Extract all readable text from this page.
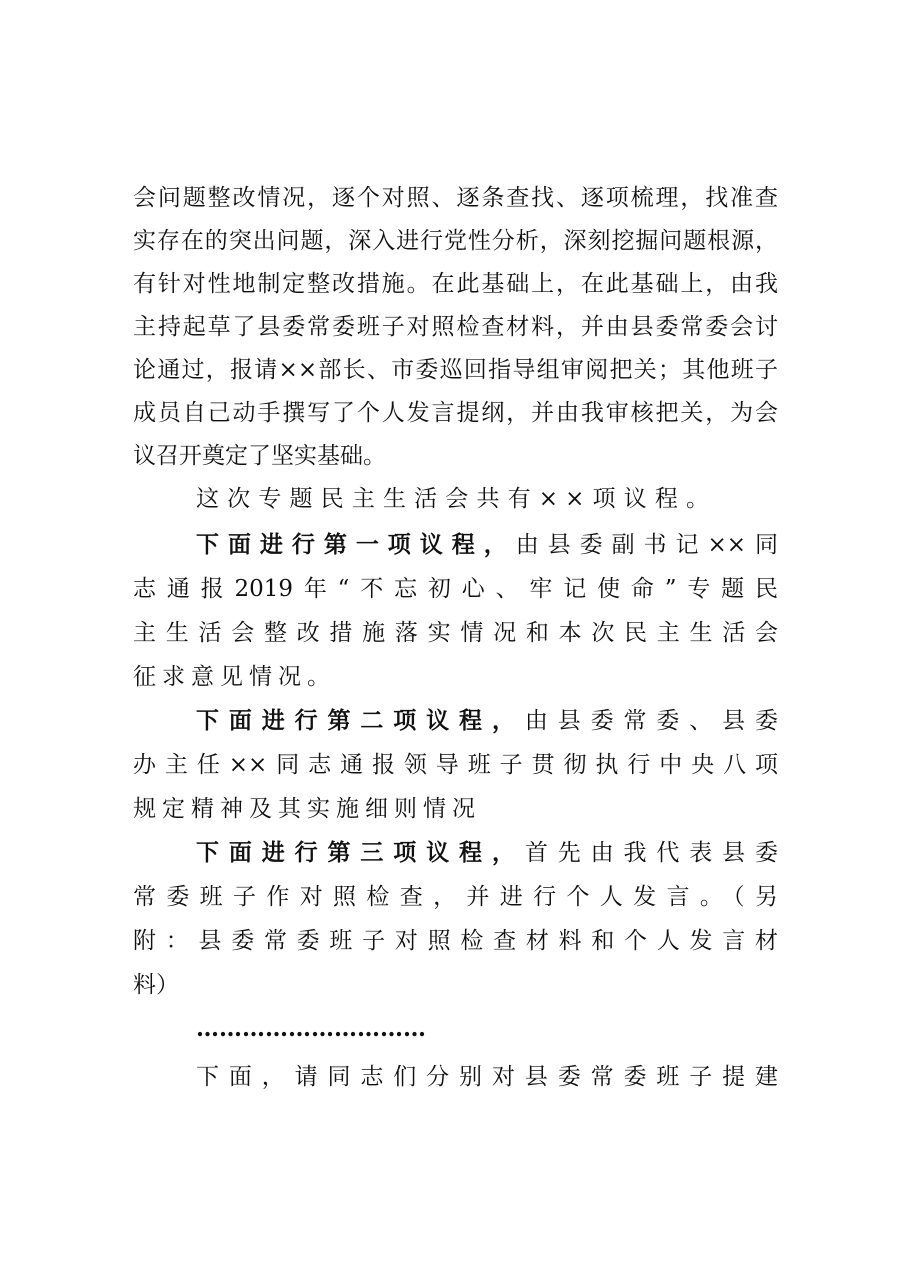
会问题整改情况，逐个对照、逐条查找、逐项梳理，找准查
实存在的突出问题，深入进行党性分析，深刻挖掘问题根源，
有针对性地制定整改措施。在此基础上，在此基础上，由我
主持起草了县委常委班子对照检查材料，并由县委常委会讨
论通过，报请××部长、市委巡回指导组审阅把关；其他班子
成员自己动手撰写了个人发言提纲，并由我审核把关，为会
议召开奠定了坚实基础。
这次专题民主生活会共有××项议程。
下面进行第一项议程，由县委副书记××同
志通报2019年“不忘初心、牢记使命”专题民
主生活会整改措施落实情况和本次民主生活会
征求意见情况。
下面进行第二项议程，由县委常委、县委
办主任××同志通报领导班子贯彻执行中央八项
规定精神及其实施细则情况
下面进行第三项议程，首先由我代表县委
常委班子作对照检查，并进行个人发言。（另
附：县委常委班子对照检查材料和个人发言材
料）
…………………………
下面，请同志们分别对县委常委班子提建
